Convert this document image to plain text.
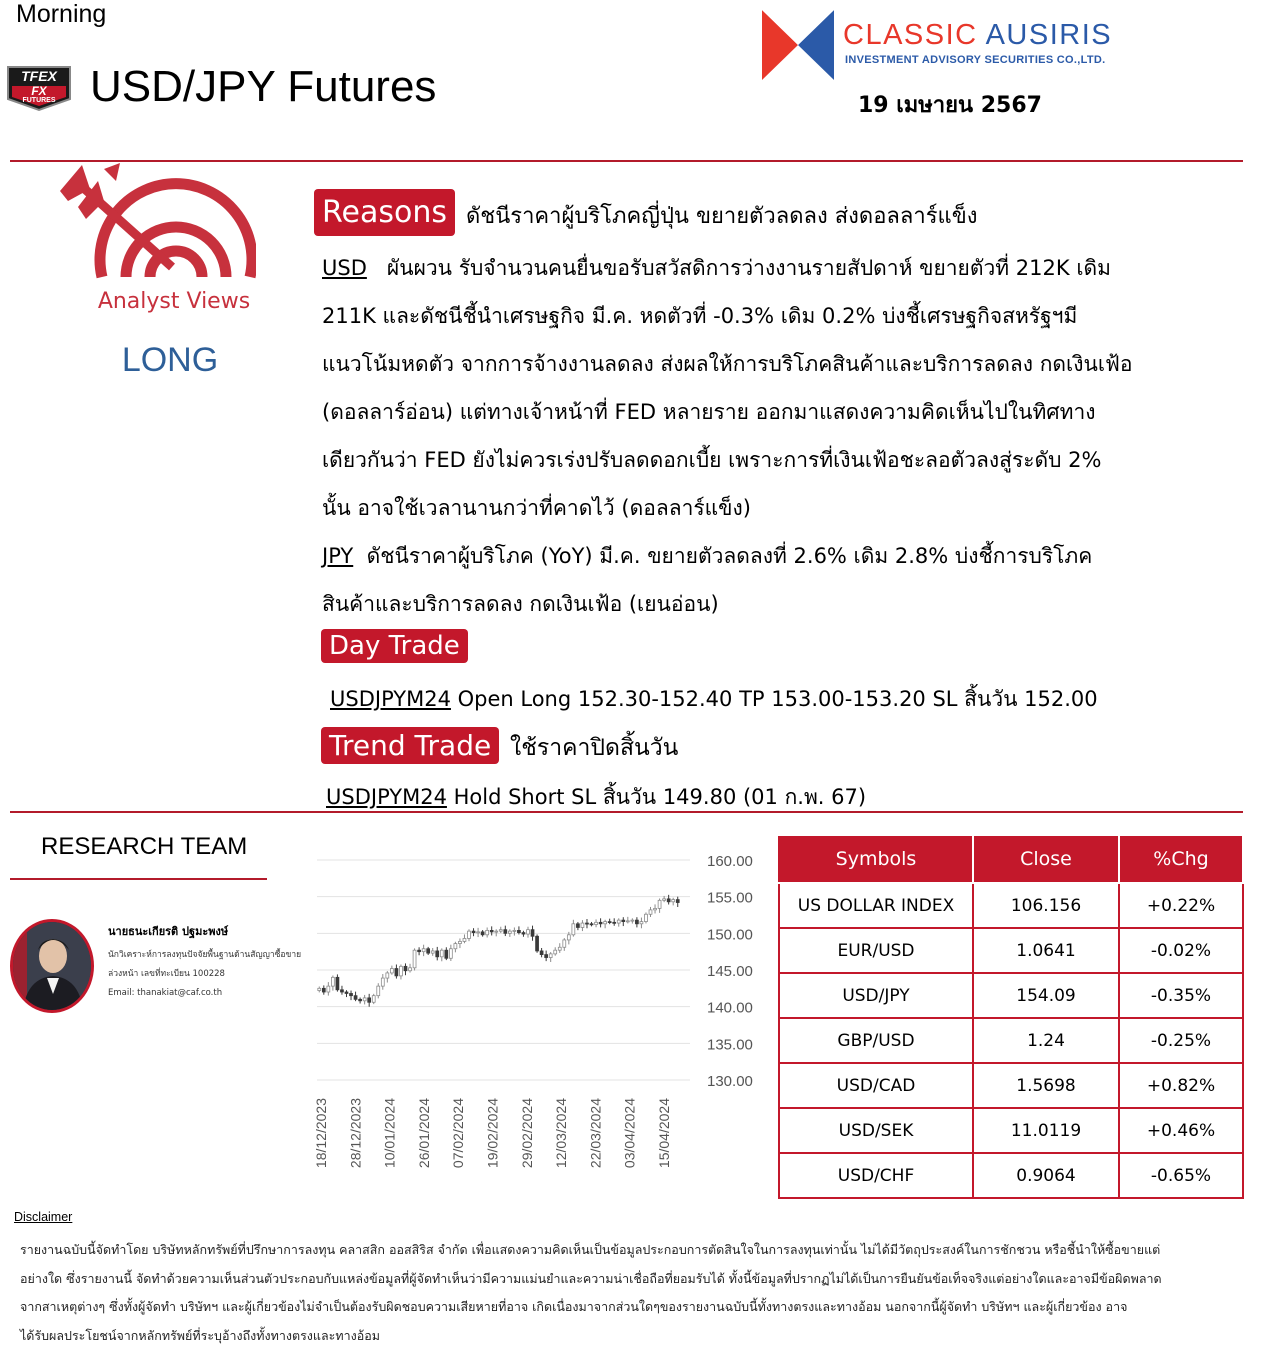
Morning
TFEX
FX
FUTURES USD/JPY Futures
CLASSIC AUSIRIS
INVESTMENT ADVISORY SECURITIES CO.,LTD.
19 เมษายน 2567
Analyst Views
LONG
Reasons ดัชนีราคาผู้บริโภคญี่ปุ่น ขยายตัวลดลง ส่งดอลลาร์แข็ง
USD ผันผวน รับจำนวนคนยื่นขอรับสวัสดิการว่างงานรายสัปดาห์ ขยายตัวที่ 212K เดิม
211K และดัชนีชี้นำเศรษฐกิจ มี.ค. หดตัวที่ -0.3% เดิม 0.2% บ่งชี้เศรษฐกิจสหรัฐฯมี
แนวโน้มหดตัว จากการจ้างงานลดลง ส่งผลให้การบริโภคสินค้าและบริการลดลง กดเงินเฟ้อ
(ดอลลาร์อ่อน) แต่ทางเจ้าหน้าที่ FED หลายราย ออกมาแสดงความคิดเห็นไปในทิศทาง
เดียวกันว่า FED ยังไม่ควรเร่งปรับลดดอกเบี้ย เพราะการที่เงินเฟ้อชะลอตัวลงสู่ระดับ 2%
นั้น อาจใช้เวลานานกว่าที่คาดไว้ (ดอลลาร์แข็ง)
JPY ดัชนีราคาผู้บริโภค (YoY) มี.ค. ขยายตัวลดลงที่ 2.6% เดิม 2.8% บ่งชี้การบริโภค
สินค้าและบริการลดลง กดเงินเฟ้อ (เยนอ่อน)
Day Trade
USDJPYM24 Open Long 152.30-152.40 TP 153.00-153.20 SL สิ้นวัน 152.00
Trend Trade ใช้ราคาปิดสิ้นวัน
USDJPYM24 Hold Short SL สิ้นวัน 149.80 (01 ก.พ. 67)
RESEARCH TEAM
นายธนะเกียรติ ปฐมะพงษ์
นักวิเคราะห์การลงทุนปัจจัยพื้นฐานด้านสัญญาซื้อขายล่วงหน้า เลขที่ทะเบียน 100228
Email: thanakiat@caf.co.th
160.00
155.00
150.00
145.00
140.00
135.00
130.00
18/12/2023 28/12/2023 10/01/2024 26/01/2024 07/02/2024 19/02/2024 29/02/2024 12/03/2024 22/03/2024 03/04/2024 15/04/2024
Symbols	Close	%Chg
US DOLLAR INDEX	106.156	+0.22%
EUR/USD	1.0641	-0.02%
USD/JPY	154.09	-0.35%
GBP/USD	1.24	-0.25%
USD/CAD	1.5698	+0.82%
USD/SEK	11.0119	+0.46%
USD/CHF	0.9064	-0.65%
Disclaimer
รายงานฉบับนี้จัดทำโดย บริษัทหลักทรัพย์ที่ปรึกษาการลงทุน คลาสสิก ออสสิริส จำกัด เพื่อแสดงความคิดเห็นเป็นข้อมูลประกอบการตัดสินใจในการลงทุนเท่านั้น ไม่ได้มีวัตถุประสงค์ในการชักชวน หรือชี้นำให้ซื้อขายแต่
อย่างใด ซึ่งรายงานนี้ จัดทำด้วยความเห็นส่วนตัวประกอบกับแหล่งข้อมูลที่ผู้จัดทำเห็นว่ามีความแม่นยำและความน่าเชื่อถือที่ยอมรับได้ ทั้งนี้ข้อมูลที่ปรากฏไม่ได้เป็นการยืนยันข้อเท็จจริงแต่อย่างใดและอาจมีข้อผิดพลาด
จากสาเหตุต่างๆ ซึ่งทั้งผู้จัดทำ บริษัทฯ และผู้เกี่ยวข้องไม่จำเป็นต้องรับผิดชอบความเสียหายที่อาจ เกิดเนื่องมาจากส่วนใดๆของรายงานฉบับนี้ทั้งทางตรงและทางอ้อม นอกจากนี้ผู้จัดทำ บริษัทฯ และผู้เกี่ยวข้อง อาจ
ได้รับผลประโยชน์จากหลักทรัพย์ที่ระบุอ้างถึงทั้งทางตรงและทางอ้อม
